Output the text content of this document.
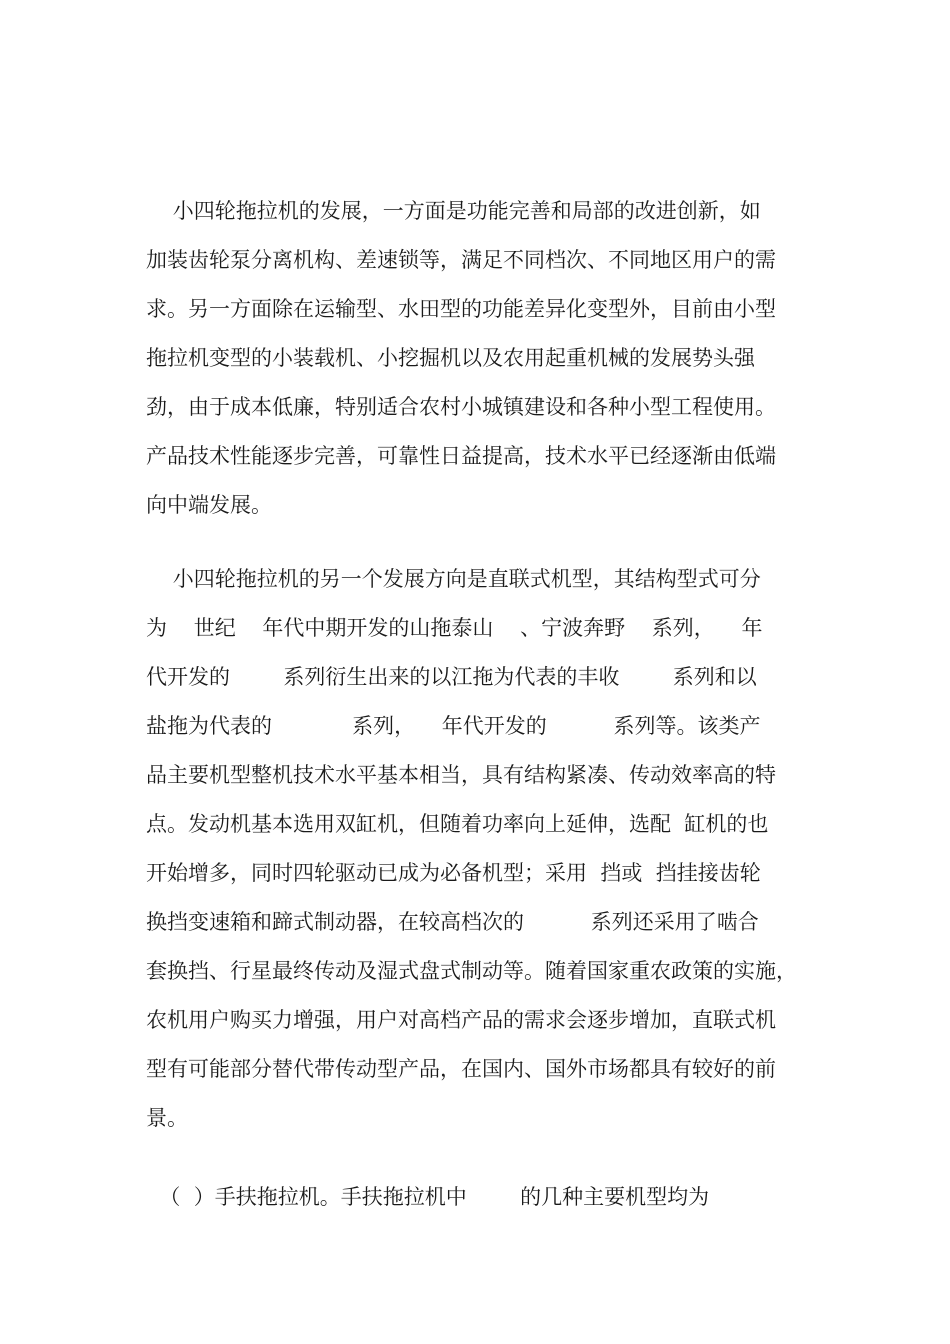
小四轮拖拉机的发展，一方面是功能完善和局部的改进创新，如
加装齿轮泵分离机构、差速锁等，满足不同档次、不同地区用户的需
求。另一方面除在运输型、水田型的功能差异化变型外，目前由小型
拖拉机变型的小装载机、小挖掘机以及农用起重机械的发展势头强
劲，由于成本低廉，特别适合农村小城镇建设和各种小型工程使用。
产品技术性能逐步完善，可靠性日益提高，技术水平已经逐渐由低端
向中端发展。
小四轮拖拉机的另一个发展方向是直联式机型，其结构型式可分
为    世纪    年代中期开发的山拖泰山    、宁波奔野    系列，    年
代开发的        系列衍生出来的以江拖为代表的丰收        系列和以
盐拖为代表的            系列，    年代开发的          系列等。该类产
品主要机型整机技术水平基本相当，具有结构紧凑、传动效率高的特
点。发动机基本选用双缸机，但随着功率向上延伸，选配  缸机的也
开始增多，同时四轮驱动已成为必备机型；采用  挡或  挡挂接齿轮
换挡变速箱和蹄式制动器，在较高档次的          系列还采用了啮合
套换挡、行星最终传动及湿式盘式制动等。随着国家重农政策的实施，
农机用户购买力增强，用户对高档产品的需求会逐步增加，直联式机
型有可能部分替代带传动型产品，在国内、国外市场都具有较好的前
景。
（  ）手扶拖拉机。手扶拖拉机中        的几种主要机型均为
